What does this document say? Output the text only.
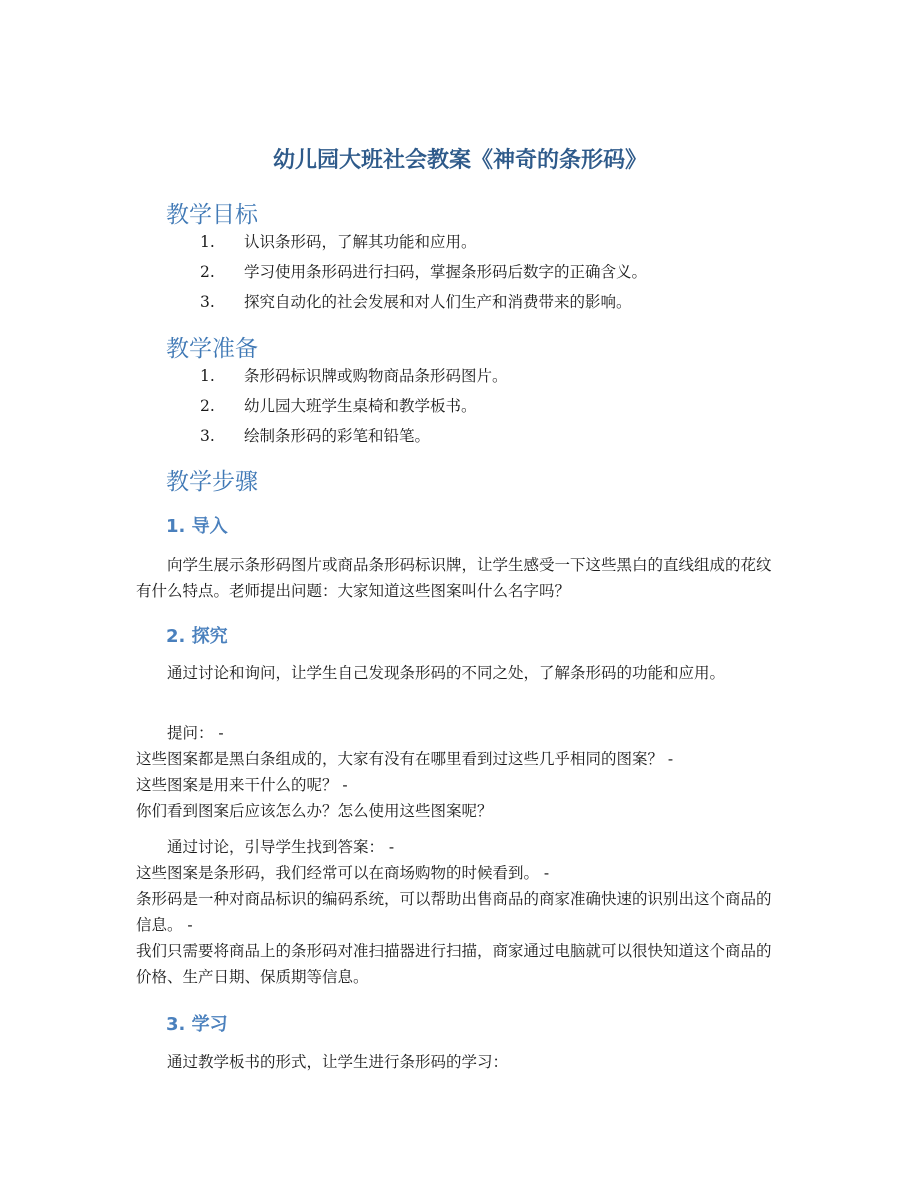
幼儿园大班社会教案《神奇的条形码》
教学目标
1. 认识条形码，了解其功能和应用。
2. 学习使用条形码进行扫码，掌握条形码后数字的正确含义。
3. 探究自动化的社会发展和对人们生产和消费带来的影响。
教学准备
1. 条形码标识牌或购物商品条形码图片。
2. 幼儿园大班学生桌椅和教学板书。
3. 绘制条形码的彩笔和铅笔。
教学步骤
1. 导入

向学生展示条形码图片或商品条形码标识牌，让学生感受一下这些黑白的直线组成的花纹有什么特点。老师提出问题：大家知道这些图案叫什么名字吗？

2. 探究

通过讨论和询问，让学生自己发现条形码的不同之处，了解条形码的功能和应用。

提问： -
这些图案都是黑白条组成的，大家有没有在哪里看到过这些几乎相同的图案？ -
这些图案是用来干什么的呢？ -
你们看到图案后应该怎么办？怎么使用这些图案呢？

通过讨论，引导学生找到答案： -
这些图案是条形码，我们经常可以在商场购物的时候看到。 -
条形码是一种对商品标识的编码系统，可以帮助出售商品的商家准确快速的识别出这个商品的信息。 -
我们只需要将商品上的条形码对准扫描器进行扫描，商家通过电脑就可以很快知道这个商品的价格、生产日期、保质期等信息。

3. 学习

通过教学板书的形式，让学生进行条形码的学习：
